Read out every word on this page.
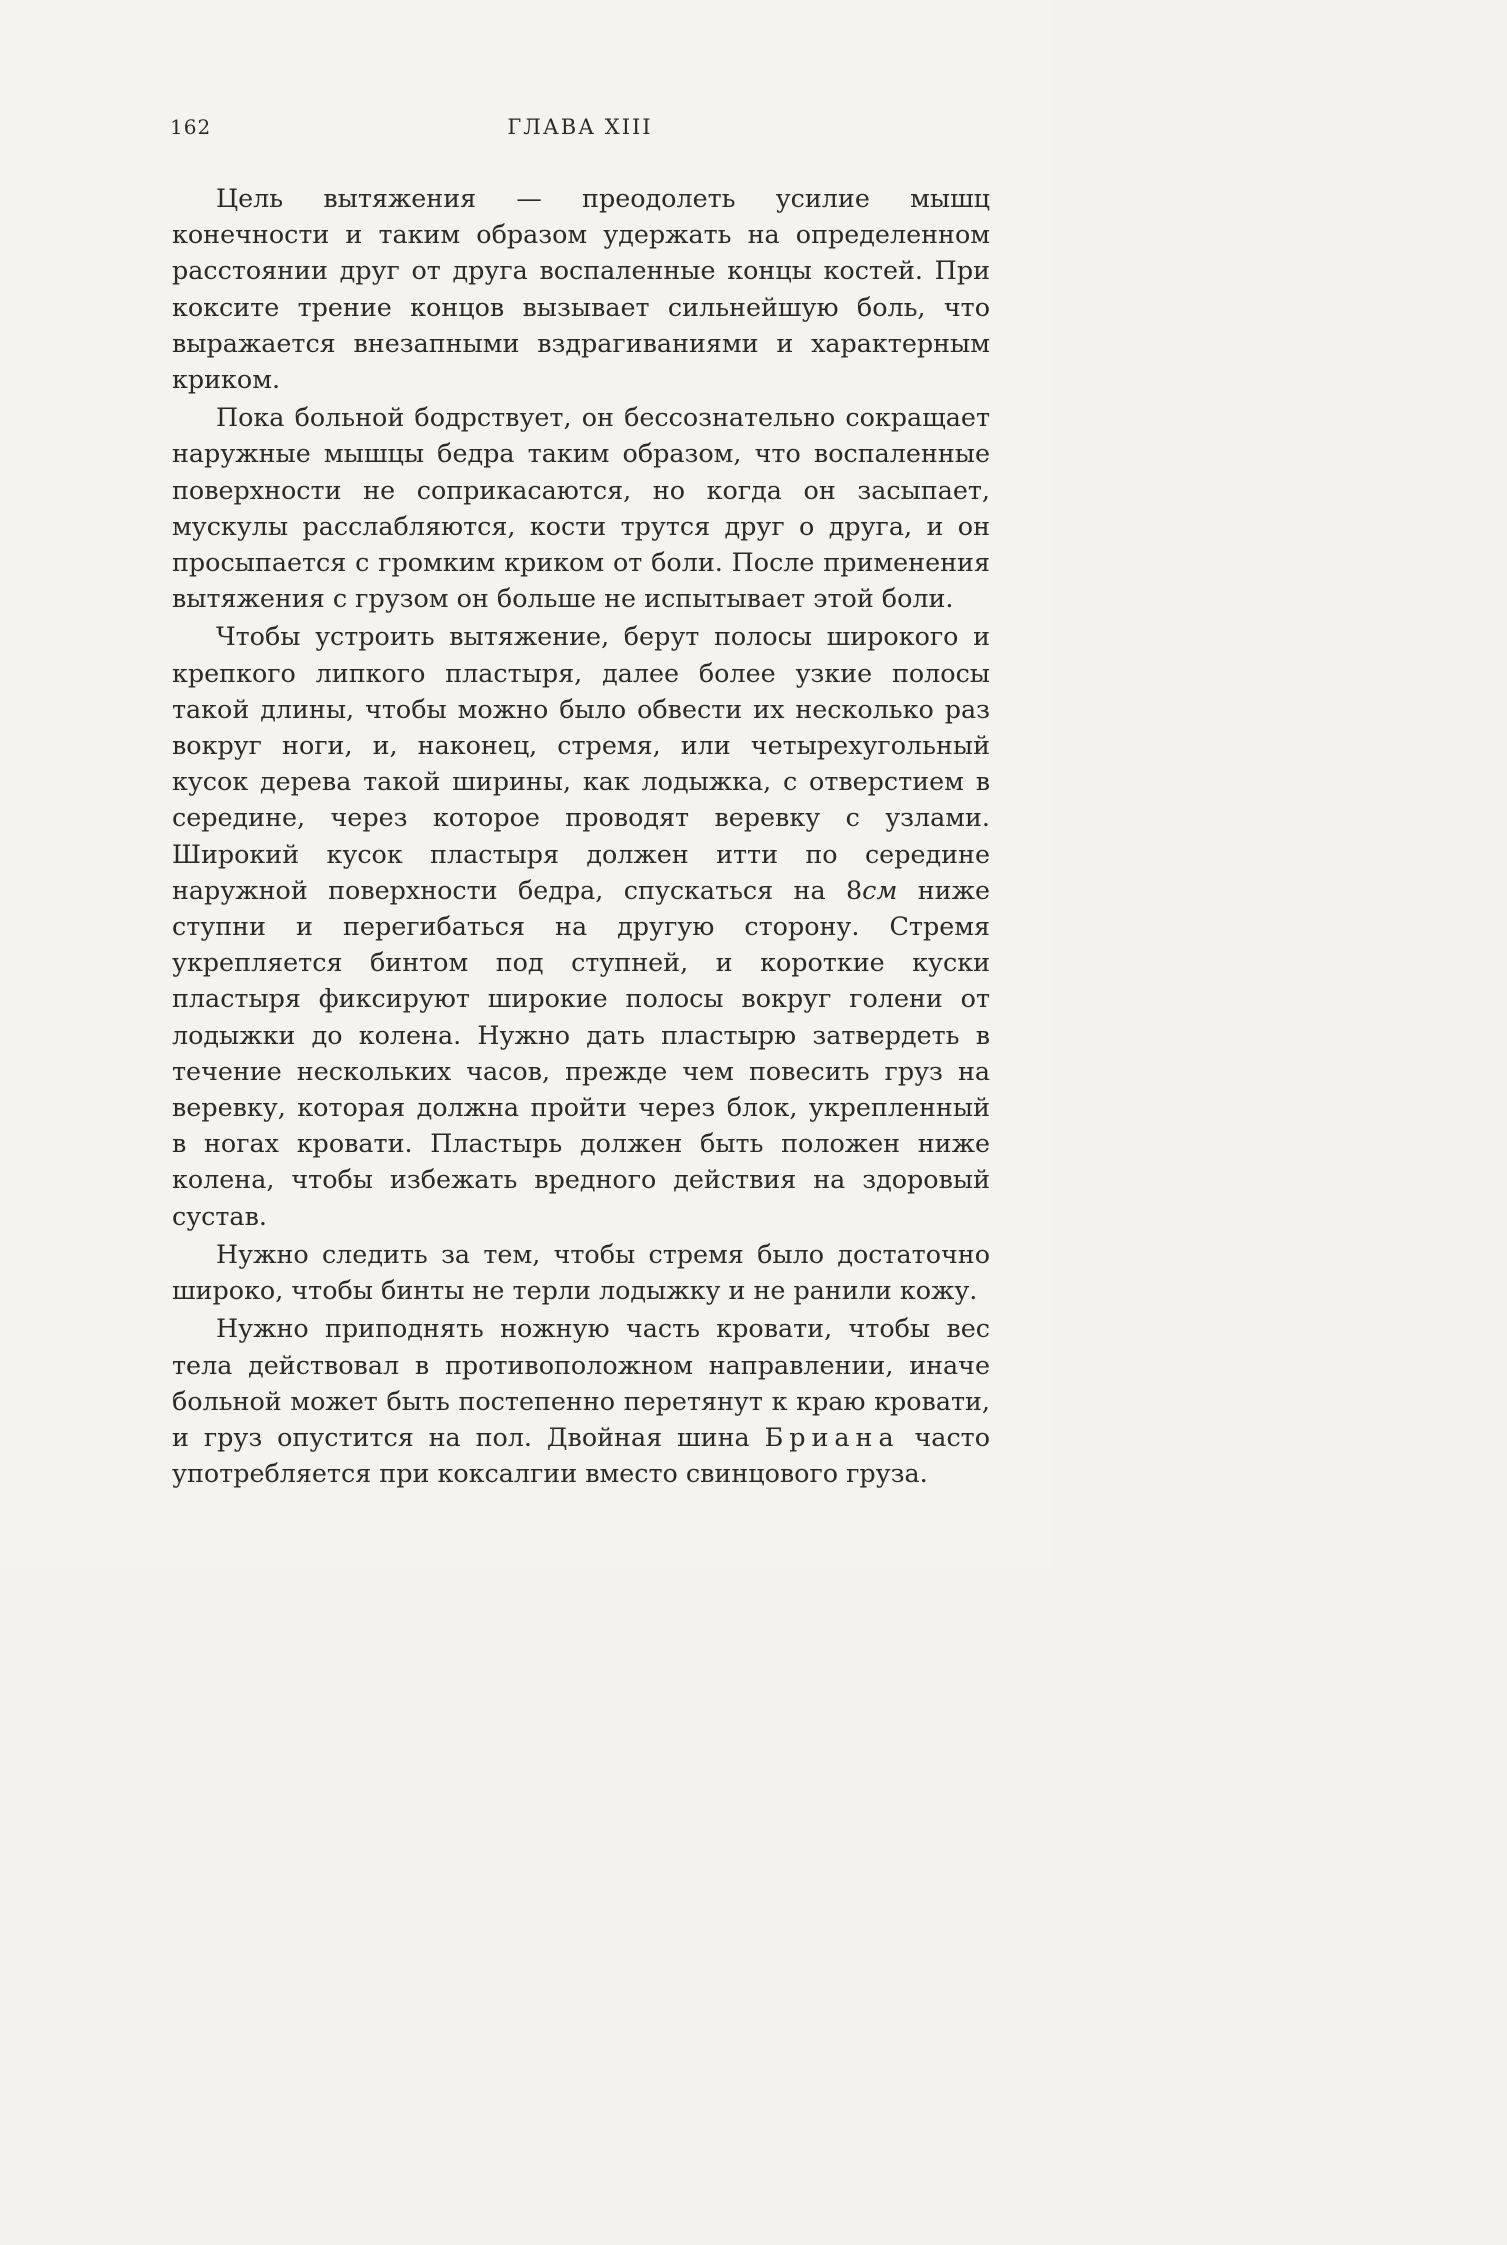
162	ГЛАВА XIII

Цель вытяжения — преодолеть усилие мышц конечности и таким образом удержать на определенном расстоянии друг от друга воспаленные концы костей. При коксите трение концов вызывает сильнейшую боль, что выражается внезапными вздрагиваниями и характерным криком.

Пока больной бодрствует, он бессознательно сокращает наружные мышцы бедра таким образом, что воспаленные поверхности не соприкасаются, но когда он засыпает, мускулы расслабляются, кости трутся друг о друга, и он просыпается с громким криком от боли. После применения вытяжения с грузом он больше не испытывает этой боли.

Чтобы устроить вытяжение, берут полосы широкого и крепкого липкого пластыря, далее более узкие полосы такой длины, чтобы можно было обвести их несколько раз вокруг ноги, и, наконец, стремя, или четырехугольный кусок дерева такой ширины, как лодыжка, с отверстием в середине, через которое проводят веревку с узлами. Широкий кусок пластыря должен итти по середине наружной поверхности бедра, спускаться на 8см ниже ступни и перегибаться на другую сторону. Стремя укрепляется бинтом под ступней, и короткие куски пластыря фиксируют широкие полосы вокруг голени от лодыжки до колена. Нужно дать пластырю затвердеть в течение нескольких часов, прежде чем повесить груз на веревку, которая должна пройти через блок, укрепленный в ногах кровати. Пластырь должен быть положен ниже колена, чтобы избежать вредного действия на здоровый сустав.

Нужно следить за тем, чтобы стремя было достаточно широко, чтобы бинты не терли лодыжку и не ранили кожу.

Нужно приподнять ножную часть кровати, чтобы вес тела действовал в противоположном направлении, иначе больной может быть постепенно перетянут к краю кровати, и груз опустится на пол. Двойная шина Бриана часто употребляется при коксалгии вместо свинцового груза.
